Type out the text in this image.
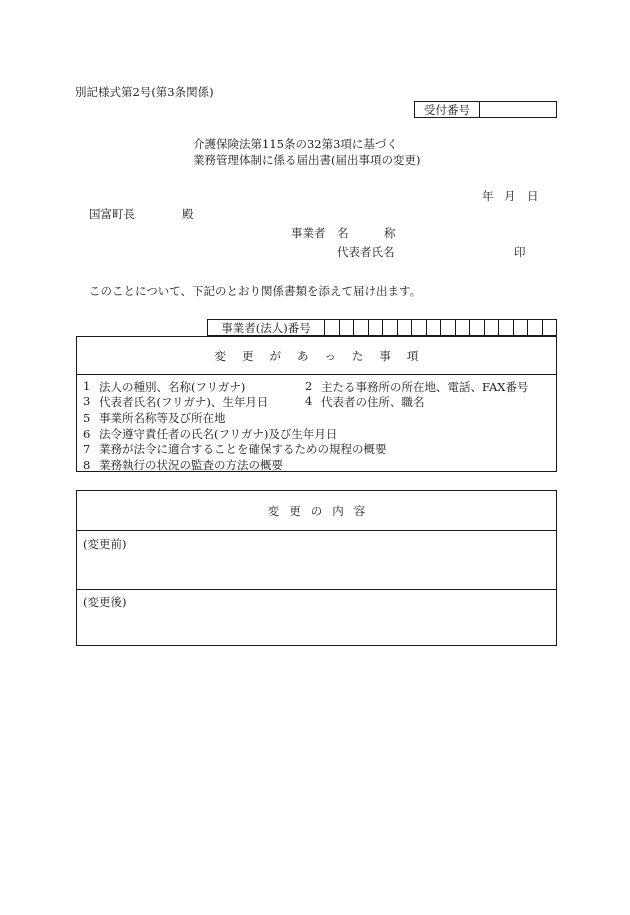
別記様式第2号(第3条関係)
受付番号
介護保険法第115条の32第3項に基づく
業務管理体制に係る届出書(届出事項の変更)
年 月 日
国富町長	殿
事業者 名	称
代表者氏名	印
このことについて、下記のとおり関係書類を添えて届け出ます。
事業者(法人)番号
変更があった事項
1 法人の種別、名称(フリガナ)	2 主たる事務所の所在地、電話、FAX番号
3 代表者氏名(フリガナ)、生年月日	4 代表者の住所、職名
5 事業所名称等及び所在地
6 法令遵守責任者の氏名(フリガナ)及び生年月日
7 業務が法令に適合することを確保するための規程の概要
8 業務執行の状況の監査の方法の概要
変更の内容
(変更前)
(変更後)
